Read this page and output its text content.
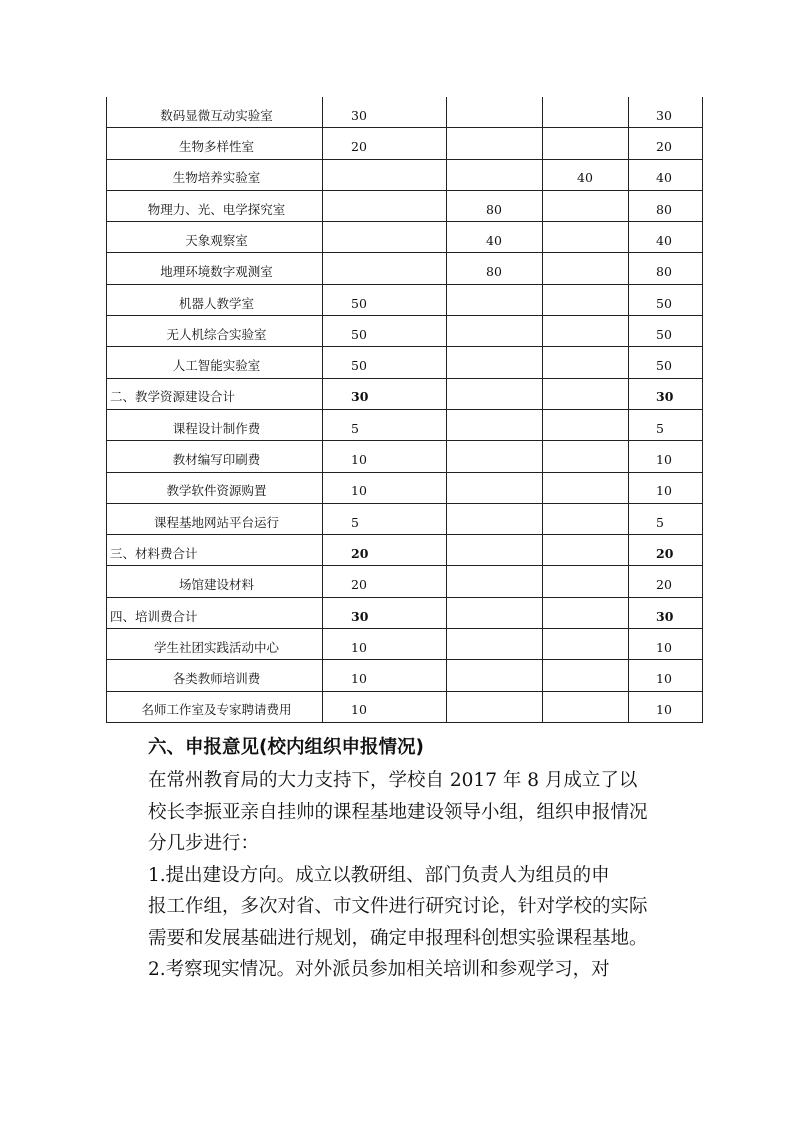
数码显微互动实验室	30			30

生物多样性室	20			20

生物培养实验室			40	40

物理力、光、电学探究室		80		80

天象观察室		40		40

地理环境数字观测室		80		80

机器人教学室	50			50

无人机综合实验室	50			50

人工智能实验室	50			50

二、教学资源建设合计	30			30

课程设计制作费	5			5

教材编写印刷费	10			10

教学软件资源购置	10			10

课程基地网站平台运行	5			5

三、材料费合计	20			20

场馆建设材料	20			20

四、培训费合计	30			30

学生社团实践活动中心	10			10

各类教师培训费	10			10

名师工作室及专家聘请费用	10			10
六、申报意见(校内组织申报情况)

在常州教育局的大力支持下，学校自 2017 年 8 月成立了以
校长李振亚亲自挂帅的课程基地建设领导小组，组织申报情况
分几步进行：

1.提出建设方向。成立以教研组、部门负责人为组员的申
报工作组，多次对省、市文件进行研究讨论，针对学校的实际
需要和发展基础进行规划，确定申报理科创想实验课程基地。

2.考察现实情况。对外派员参加相关培训和参观学习，对
